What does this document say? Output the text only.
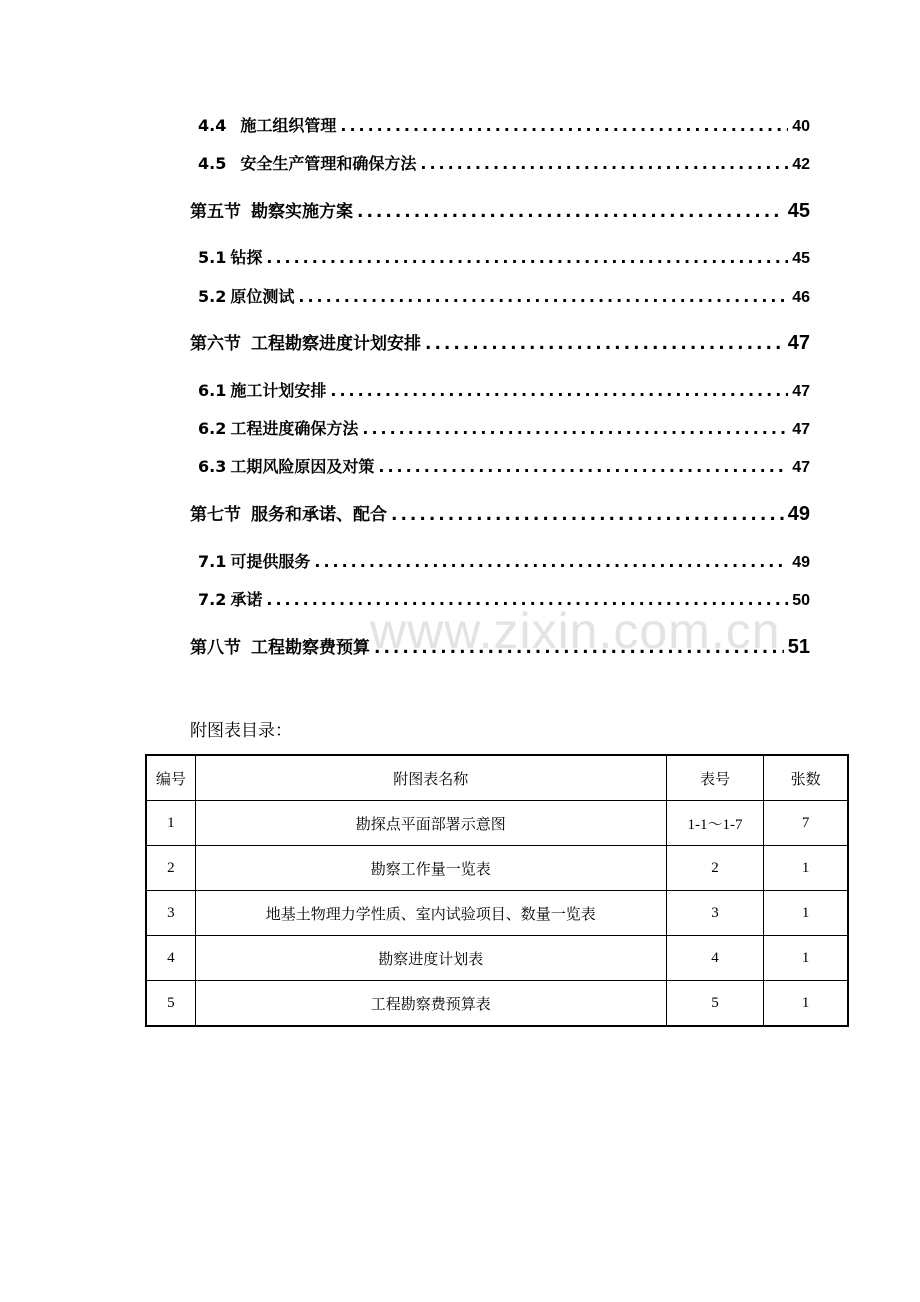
4.4 施工组织管理 .....	40
4.5 安全生产管理和确保方法 .....	42
第五节 勘察实施方案 .....	45
5.1 钻探 .....	45
5.2 原位测试 .....	46
第六节 工程勘察进度计划安排 .....	47
6.1 施工计划安排 .....	47
6.2 工程进度确保方法 .....	47
6.3 工期风险原因及对策 .....	47
第七节 服务和承诺、配合 .....	49
7.1 可提供服务 .....	49
7.2 承诺 .....	50
第八节 工程勘察费预算 .....	51
www.zixin.com.cn
附图表目录：
编号	附图表名称	表号	张数
1	勘探点平面部署示意图	1-1～1-7	7
2	勘察工作量一览表	2	1
3	地基土物理力学性质、室内试验项目、数量一览表	3	1
4	勘察进度计划表	4	1
5	工程勘察费预算表	5	1
